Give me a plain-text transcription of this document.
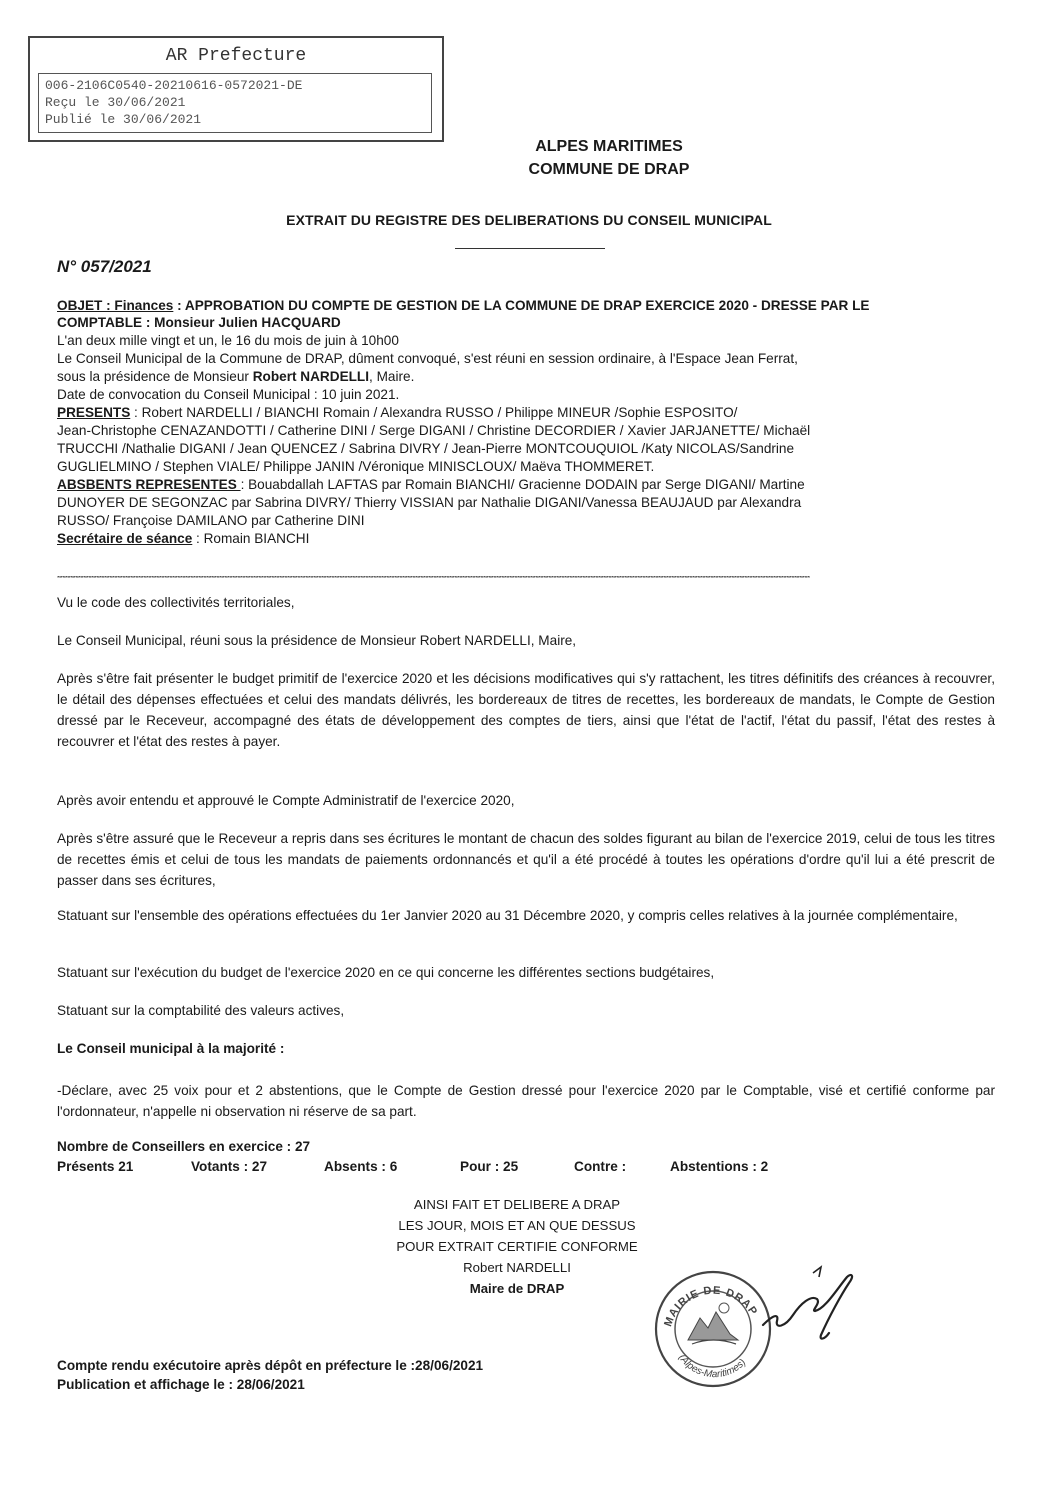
AR Prefecture
006-2106C0540-20210616-0572021-DE
Reçu le 30/06/2021
Publié le 30/06/2021
ALPES MARITIMES
COMMUNE DE DRAP
EXTRAIT DU REGISTRE DES DELIBERATIONS DU CONSEIL MUNICIPAL
N° 057/2021
OBJET : Finances : APPROBATION DU COMPTE DE GESTION DE LA COMMUNE DE DRAP EXERCICE 2020 - DRESSE PAR LE
COMPTABLE : Monsieur Julien HACQUARD
L'an deux mille vingt et un, le 16 du mois de juin à 10h00
Le Conseil Municipal de la Commune de DRAP, dûment convoqué, s'est réuni en session ordinaire, à l'Espace Jean Ferrat,
sous la présidence de Monsieur Robert NARDELLI, Maire.
Date de convocation du Conseil Municipal : 10 juin 2021.
PRESENTS : Robert NARDELLI / BIANCHI Romain / Alexandra RUSSO / Philippe MINEUR /Sophie ESPOSITO/
Jean-Christophe CENAZANDOTTI / Catherine DINI / Serge DIGANI / Christine DECORDIER / Xavier JARJANETTE/ Michaël
TRUCCHI /Nathalie DIGANI / Jean QUENCEZ / Sabrina DIVRY / Jean-Pierre MONTCOUQUIOL /Katy NICOLAS/Sandrine
GUGLIELMINO / Stephen VIALE/ Philippe JANIN /Véronique MINISCLOUX/ Maëva THOMMERET.
ABSBENTS REPRESENTES : Bouabdallah LAFTAS par Romain BIANCHI/ Gracienne DODAIN par Serge DIGANI/ Martine
DUNOYER DE SEGONZAC par Sabrina DIVRY/ Thierry VISSIAN par Nathalie DIGANI/Vanessa BEAUJAUD par Alexandra
RUSSO/ Françoise DAMILANO par Catherine DINI
Secrétaire de séance : Romain BIANCHI
************************************************************************************************************************************************************************************************************************************************************************************************
Vu le code des collectivités territoriales,
Le Conseil Municipal, réuni sous la présidence de Monsieur Robert NARDELLI, Maire,
Après s'être fait présenter le budget primitif de l'exercice 2020 et les décisions modificatives qui s'y rattachent, les titres définitifs des créances à recouvrer, le détail des dépenses effectuées et celui des mandats délivrés, les bordereaux de titres de recettes, les bordereaux de mandats, le Compte de Gestion dressé par le Receveur, accompagné des états de développement des comptes de tiers, ainsi que l'état de l'actif, l'état du passif, l'état des restes à recouvrer et l'état des restes à payer.
Après avoir entendu et approuvé le Compte Administratif de l'exercice 2020,
Après s'être assuré que le Receveur a repris dans ses écritures le montant de chacun des soldes figurant au bilan de l'exercice 2019, celui de tous les titres de recettes émis et celui de tous les mandats de paiements ordonnancés et qu'il a été procédé à toutes les opérations d'ordre qu'il lui a été prescrit de passer dans ses écritures,
Statuant sur l'ensemble des opérations effectuées du 1er Janvier 2020 au 31 Décembre 2020, y compris celles relatives à la journée complémentaire,
Statuant sur l'exécution du budget de l'exercice 2020 en ce qui concerne les différentes sections budgétaires,
Statuant sur la comptabilité des valeurs actives,
Le Conseil municipal à la majorité :
-Déclare, avec 25 voix pour et 2 abstentions, que le Compte de Gestion dressé pour l'exercice 2020 par le Comptable, visé et certifié conforme par l'ordonnateur, n'appelle ni observation ni réserve de sa part.
Nombre de Conseillers en exercice : 27
Présents 21	Votants : 27	Absents : 6	Pour : 25	Contre :	Abstentions : 2
AINSI FAIT ET DELIBERE A DRAP
LES JOUR, MOIS ET AN QUE DESSUS
POUR EXTRAIT CERTIFIE CONFORME
Robert NARDELLI
Maire de DRAP
MAIRIE DE DRAP
(Alpes-Maritimes)
Compte rendu exécutoire après dépôt en préfecture le :28/06/2021
Publication et affichage le : 28/06/2021
